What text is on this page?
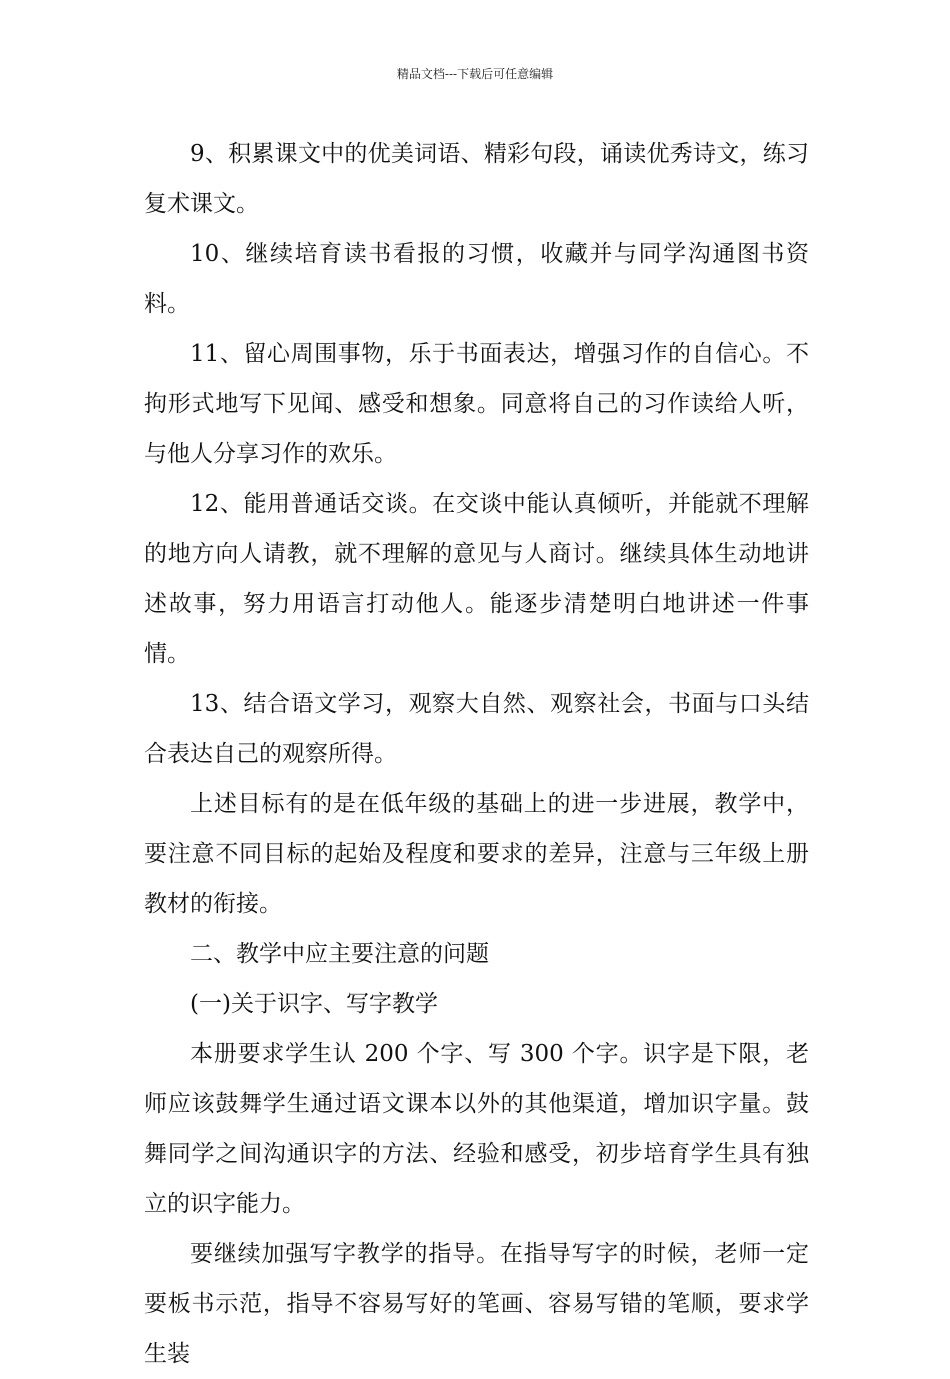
精品文档---下载后可任意编辑

9、积累课文中的优美词语、精彩句段，诵读优秀诗文，练习复术课文。

10、继续培育读书看报的习惯，收藏并与同学沟通图书资料。

11、留心周围事物，乐于书面表达，增强习作的自信心。不拘形式地写下见闻、感受和想象。同意将自己的习作读给人听，与他人分享习作的欢乐。

12、能用普通话交谈。在交谈中能认真倾听，并能就不理解的地方向人请教，就不理解的意见与人商讨。继续具体生动地讲述故事，努力用语言打动他人。能逐步清楚明白地讲述一件事情。

13、结合语文学习，观察大自然、观察社会，书面与口头结合表达自己的观察所得。

上述目标有的是在低年级的基础上的进一步进展，教学中，要注意不同目标的起始及程度和要求的差异，注意与三年级上册教材的衔接。

二、教学中应主要注意的问题

(一)关于识字、写字教学

本册要求学生认 200 个字、写 300 个字。识字是下限，老师应该鼓舞学生通过语文课本以外的其他渠道，增加识字量。鼓舞同学之间沟通识字的方法、经验和感受，初步培育学生具有独立的识字能力。

要继续加强写字教学的指导。在指导写字的时候，老师一定要板书示范，指导不容易写好的笔画、容易写错的笔顺，要求学生装
